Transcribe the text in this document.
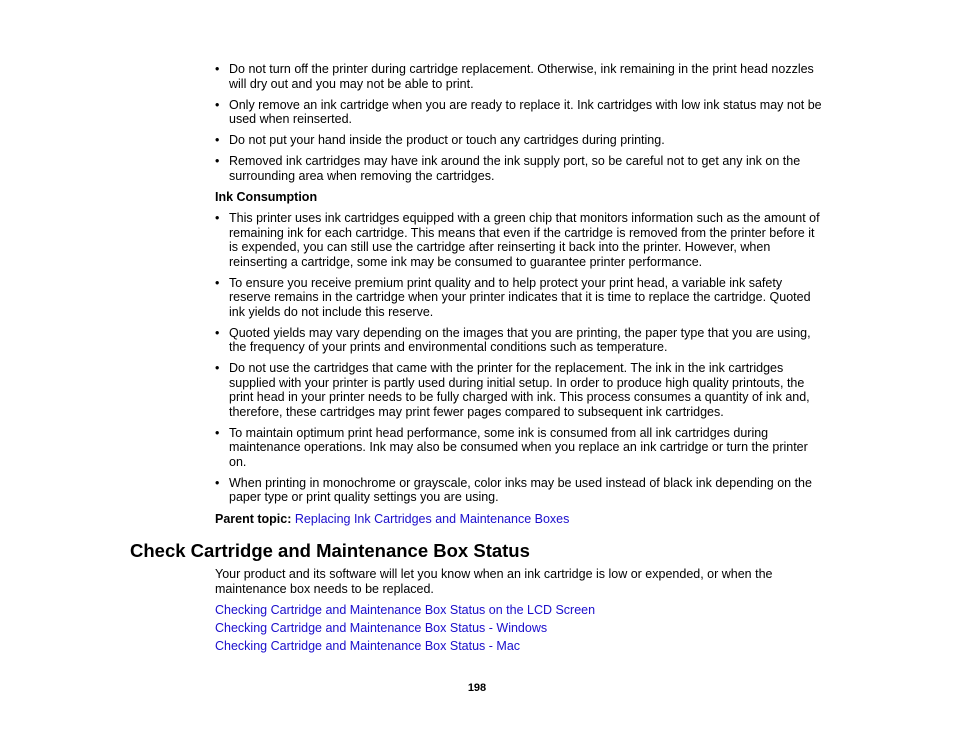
• Do not turn off the printer during cartridge replacement. Otherwise, ink remaining in the print head nozzles will dry out and you may not be able to print.
• Only remove an ink cartridge when you are ready to replace it. Ink cartridges with low ink status may not be used when reinserted.
• Do not put your hand inside the product or touch any cartridges during printing.
• Removed ink cartridges may have ink around the ink supply port, so be careful not to get any ink on the surrounding area when removing the cartridges.
Ink Consumption
• This printer uses ink cartridges equipped with a green chip that monitors information such as the amount of remaining ink for each cartridge. This means that even if the cartridge is removed from the printer before it is expended, you can still use the cartridge after reinserting it back into the printer. However, when reinserting a cartridge, some ink may be consumed to guarantee printer performance.
• To ensure you receive premium print quality and to help protect your print head, a variable ink safety reserve remains in the cartridge when your printer indicates that it is time to replace the cartridge. Quoted ink yields do not include this reserve.
• Quoted yields may vary depending on the images that you are printing, the paper type that you are using, the frequency of your prints and environmental conditions such as temperature.
• Do not use the cartridges that came with the printer for the replacement. The ink in the ink cartridges supplied with your printer is partly used during initial setup. In order to produce high quality printouts, the print head in your printer needs to be fully charged with ink. This process consumes a quantity of ink and, therefore, these cartridges may print fewer pages compared to subsequent ink cartridges.
• To maintain optimum print head performance, some ink is consumed from all ink cartridges during maintenance operations. Ink may also be consumed when you replace an ink cartridge or turn the printer on.
• When printing in monochrome or grayscale, color inks may be used instead of black ink depending on the paper type or print quality settings you are using.
Parent topic: Replacing Ink Cartridges and Maintenance Boxes
Check Cartridge and Maintenance Box Status

Your product and its software will let you know when an ink cartridge is low or expended, or when the maintenance box needs to be replaced.

Checking Cartridge and Maintenance Box Status on the LCD Screen
Checking Cartridge and Maintenance Box Status - Windows
Checking Cartridge and Maintenance Box Status - Mac
198
